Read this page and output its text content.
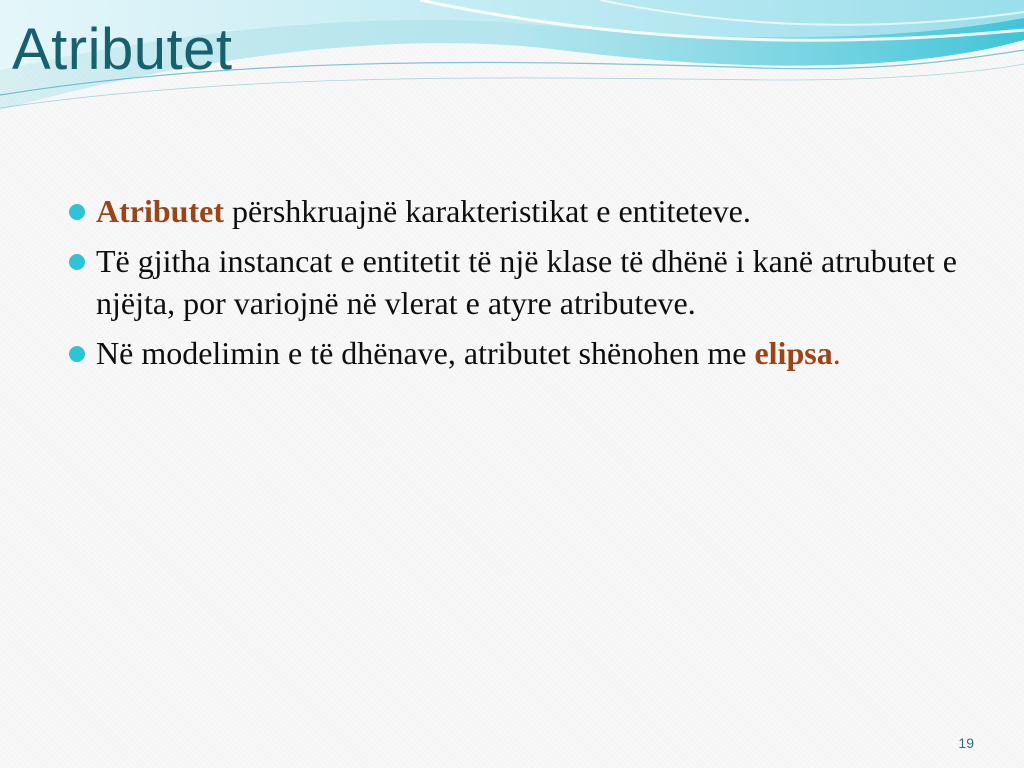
Atributet
Atributet përshkruajnë karakteristikat e entiteteve.
Të gjitha instancat e entitetit të një klase të dhënë i kanë atrubutet e njëjta, por variojnë në vlerat e atyre atributeve.
Në modelimin e të dhënave, atributet shënohen me elipsa.
19
